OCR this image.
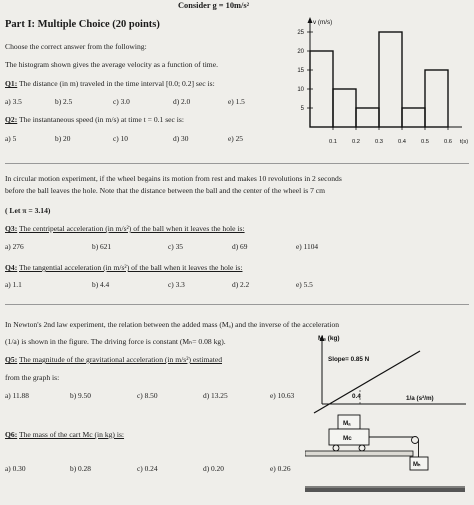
Consider g = 10m/s²
Part I: Multiple Choice (20 points)
Choose the correct answer from the following:
The histogram shown gives the average velocity as a function of time.
Q1: The distance (in m) traveled in the time interval [0.0; 0.2] sec is:
a) 3.5	b) 2.5	c) 3.0	d) 2.0	e) 1.5
Q2: The instantaneous speed (in m/s) at time t = 0.1 sec is:
a) 5	b) 20	c) 10	d) 30	e) 25
5
10
15
20
25
0.1	0.2	0.3	0.4	0.5	0.6
v (m/s)
t(s)
In circular motion experiment, if the wheel begains its motion from rest and makes 10 revolutions in 2 seconds
before the ball leaves the hole. Note that the distance between the ball and the center of the wheel is 7 cm
( Let π = 3.14)
Q3: The centripetal acceleration (in m/s²) of the ball when it leaves the hole is:
a) 276	b) 621	c) 35	d) 69	e) 1104
Q4: The tangential acceleration (in m/s²) of the ball when it leaves the hole is:
a) 1.1	b) 4.4	c) 3.3	d) 2.2	e) 5.5
In Newton's 2nd law experiment, the relation between the added mass (Mₐ) and the inverse of the acceleration
(1/a) is shown in the figure. The driving force is constant (Mₕ= 0.08 kg).
Q5: The magnitude of the gravitational acceleration (in m/s²) estimated
from the graph is:
a) 11.88	b) 9.50	c) 8.50	d) 13.25	e) 10.63
Q6: The mass of the cart Mc (in kg) is:
a) 0.30	b) 0.28	c) 0.24	d) 0.20	e) 0.26
Mₐ (kg)
Slope= 0.85 N
0.4	1/a (s²/m)
Mₐ
Mc
Mₕ
